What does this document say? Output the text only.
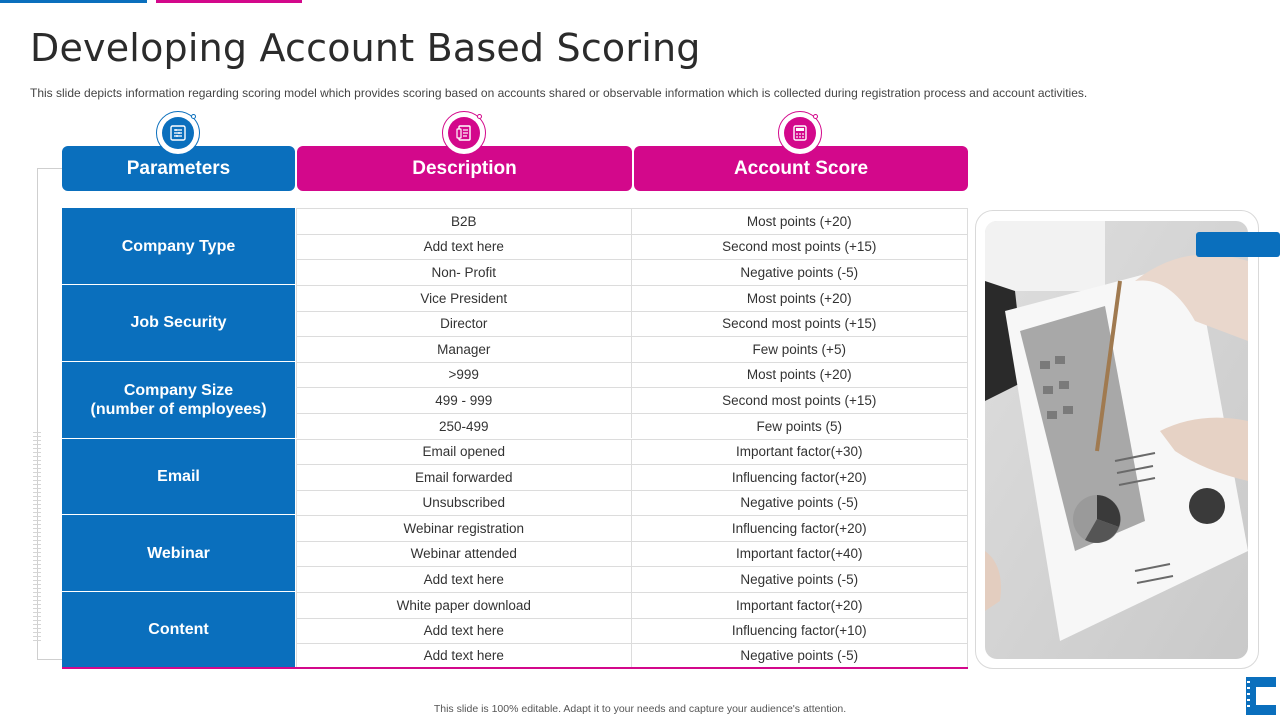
Developing Account Based Scoring

This slide depicts information regarding scoring model which provides scoring based on accounts shared or observable information which is collected during registration process and account activities.

Parameters	Description	Account Score
Company Type
B2B	Most points (+20)
Add text here	Second most points (+15)
Non- Profit	Negative points (-5)
Job Security
Vice President	Most points (+20)
Director	Second most points (+15)
Manager	Few points (+5)
Company Size
(number of employees)
>999	Most points (+20)
499 - 999	Second most points (+15)
250-499	Few points (5)
Email
Email opened	Important factor(+30)
Email forwarded	Influencing factor(+20)
Unsubscribed	Negative points (-5)
Webinar
Webinar registration	Influencing factor(+20)
Webinar attended	Important factor(+40)
Add text here	Negative points (-5)
Content
White paper download	Important factor(+20)
Add text here	Influencing factor(+10)
Add text here	Negative points (-5)
This slide is 100% editable. Adapt it to your needs and capture your audience's attention.
